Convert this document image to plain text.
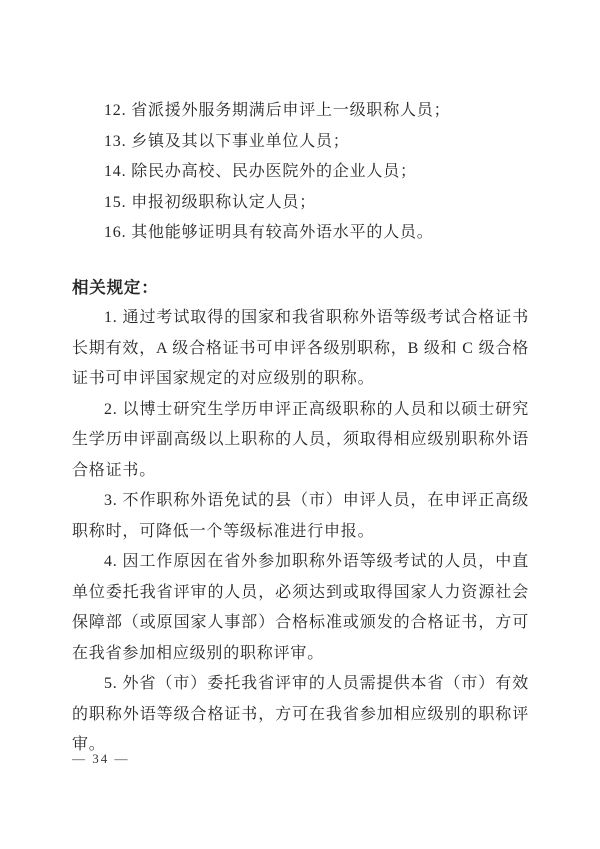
12. 省派援外服务期满后申评上一级职称人员；

13. 乡镇及其以下事业单位人员；

14. 除民办高校、民办医院外的企业人员；

15. 申报初级职称认定人员；

16. 其他能够证明具有较高外语水平的人员。

相关规定：

1. 通过考试取得的国家和我省职称外语等级考试合格证书长期有效，A 级合格证书可申评各级别职称，B 级和 C 级合格证书可申评国家规定的对应级别的职称。

2. 以博士研究生学历申评正高级职称的人员和以硕士研究生学历申评副高级以上职称的人员，须取得相应级别职称外语合格证书。

3. 不作职称外语免试的县（市）申评人员，在申评正高级职称时，可降低一个等级标准进行申报。

4. 因工作原因在省外参加职称外语等级考试的人员，中直单位委托我省评审的人员，必须达到或取得国家人力资源社会保障部（或原国家人事部）合格标准或颁发的合格证书，方可在我省参加相应级别的职称评审。

5. 外省（市）委托我省评审的人员需提供本省（市）有效的职称外语等级合格证书，方可在我省参加相应级别的职称评审。

— 34 —
